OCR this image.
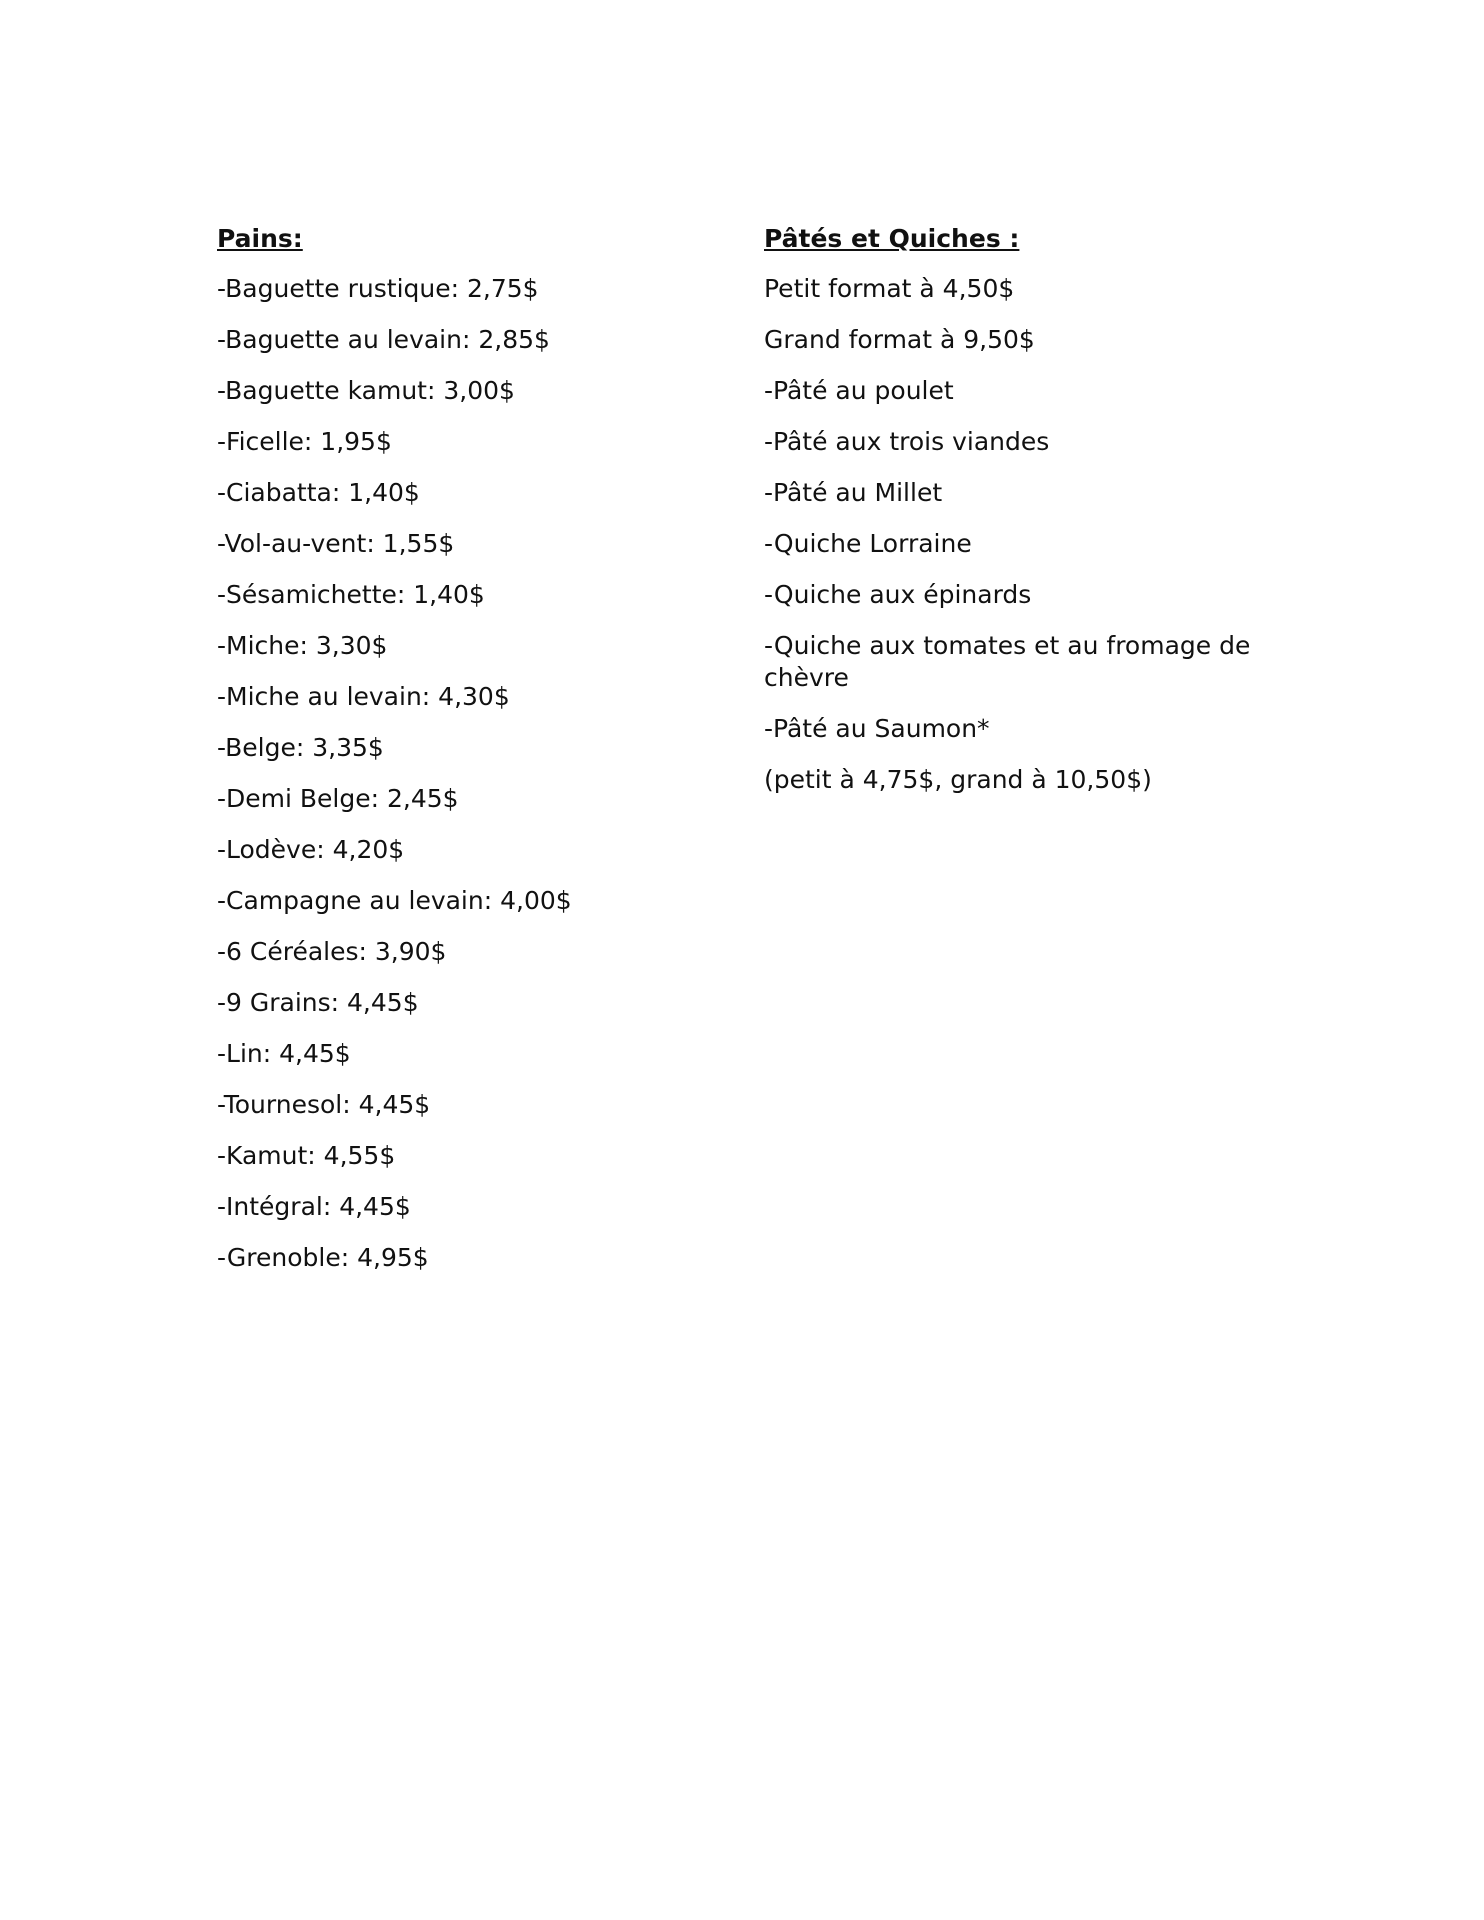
Pains:
-Baguette rustique: 2,75$
-Baguette au levain: 2,85$
-Baguette kamut: 3,00$
-Ficelle: 1,95$
-Ciabatta: 1,40$
-Vol-au-vent: 1,55$
-Sésamichette: 1,40$
-Miche: 3,30$
-Miche au levain: 4,30$
-Belge: 3,35$
-Demi Belge: 2,45$
-Lodève: 4,20$
-Campagne au levain: 4,00$
-6 Céréales: 3,90$
-9 Grains: 4,45$
-Lin: 4,45$
-Tournesol: 4,45$
-Kamut: 4,55$
-Intégral: 4,45$
-Grenoble: 4,95$
Pâtés et Quiches :
Petit format à 4,50$
Grand format à 9,50$
-Pâté au poulet
-Pâté aux trois viandes
-Pâté au Millet
-Quiche Lorraine
-Quiche aux épinards
-Quiche aux tomates et au fromage de chèvre
-Pâté au Saumon*
(petit à 4,75$, grand à 10,50$)
